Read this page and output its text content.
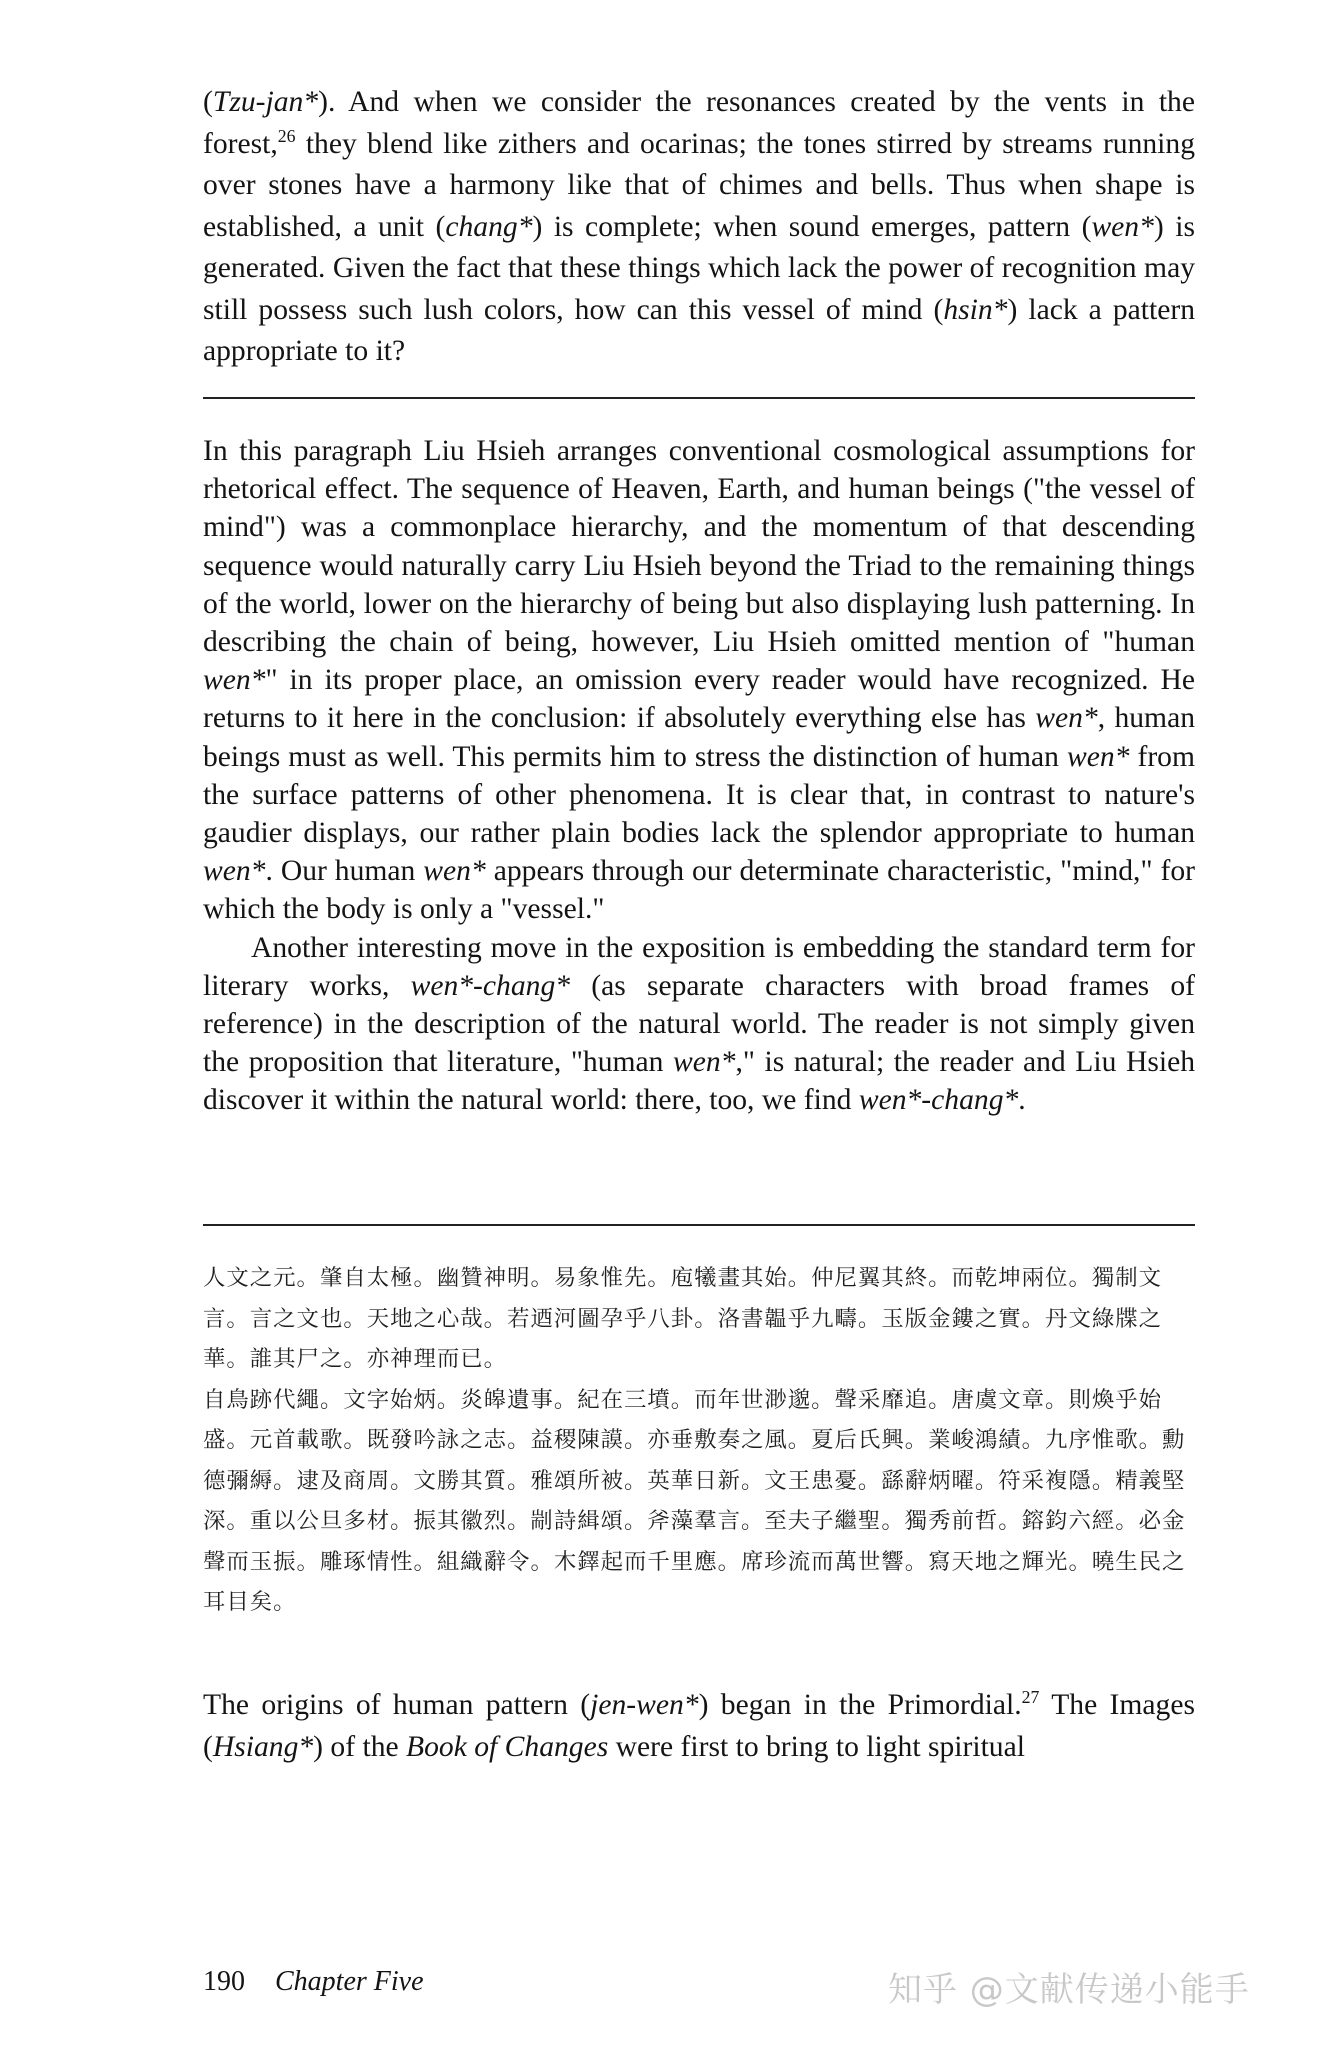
(Tzu-jan*). And when we consider the resonances created by the vents in the forest,$^{26}$ they blend like zithers and ocarinas; the tones stirred by streams running over stones have a harmony like that of chimes and bells. Thus when shape is established, a unit (chang*) is complete; when sound emerges, pattern (wen*) is generated. Given the fact that these things which lack the power of recognition may still possess such lush colors, how can this vessel of mind (hsin*) lack a pattern appropriate to it?

In this paragraph Liu Hsieh arranges conventional cosmological assumptions for rhetorical effect. The sequence of Heaven, Earth, and human beings ("the vessel of mind") was a commonplace hierarchy, and the momentum of that descending sequence would naturally carry Liu Hsieh beyond the Triad to the remaining things of the world, lower on the hierarchy of being but also displaying lush patterning. In describing the chain of being, however, Liu Hsieh omitted mention of "human wen*" in its proper place, an omission every reader would have recognized. He returns to it here in the conclusion: if absolutely everything else has wen*, human beings must as well. This permits him to stress the distinction of human wen* from the surface patterns of other phenomena. It is clear that, in contrast to nature's gaudier displays, our rather plain bodies lack the splendor appropriate to human wen*. Our human wen* appears through our determinate characteristic, "mind," for which the body is only a "vessel."

Another interesting move in the exposition is embedding the standard term for literary works, wen*-chang* (as separate characters with broad frames of reference) in the description of the natural world. The reader is not simply given the proposition that literature, "human wen*," is natural; the reader and Liu Hsieh discover it within the natural world: there, too, we find wen*-chang*.

人文之元。肇自太極。幽贊神明。易象惟先。庖犧畫其始。仲尼翼其終。而乾坤兩位。獨制文言。言之文也。天地之心哉。若迺河圖孕乎八卦。洛書韞乎九疇。玉版金鏤之實。丹文綠牒之華。誰其尸之。亦神理而已。

自鳥跡代繩。文字始炳。炎皞遺事。紀在三墳。而年世渺邈。聲采靡追。唐虞文章。則煥乎始盛。元首載歌。既發吟詠之志。益稷陳謨。亦垂敷奏之風。夏后氏興。業峻鴻績。九序惟歌。勳德彌縟。逮及商周。文勝其質。雅頌所被。英華日新。文王患憂。繇辭炳曜。符采複隱。精義堅深。重以公旦多材。振其徽烈。剬詩緝頌。斧藻羣言。至夫子繼聖。獨秀前哲。鎔鈞六經。必金聲而玉振。雕琢情性。組織辭令。木鐸起而千里應。席珍流而萬世響。寫天地之輝光。曉生民之耳目矣。

The origins of human pattern (jen-wen*) began in the Primordial.$^{27}$ The Images (Hsiang*) of the Book of Changes were first to bring to light spiritual

190 Chapter Five	知乎 @文献传递小能手
